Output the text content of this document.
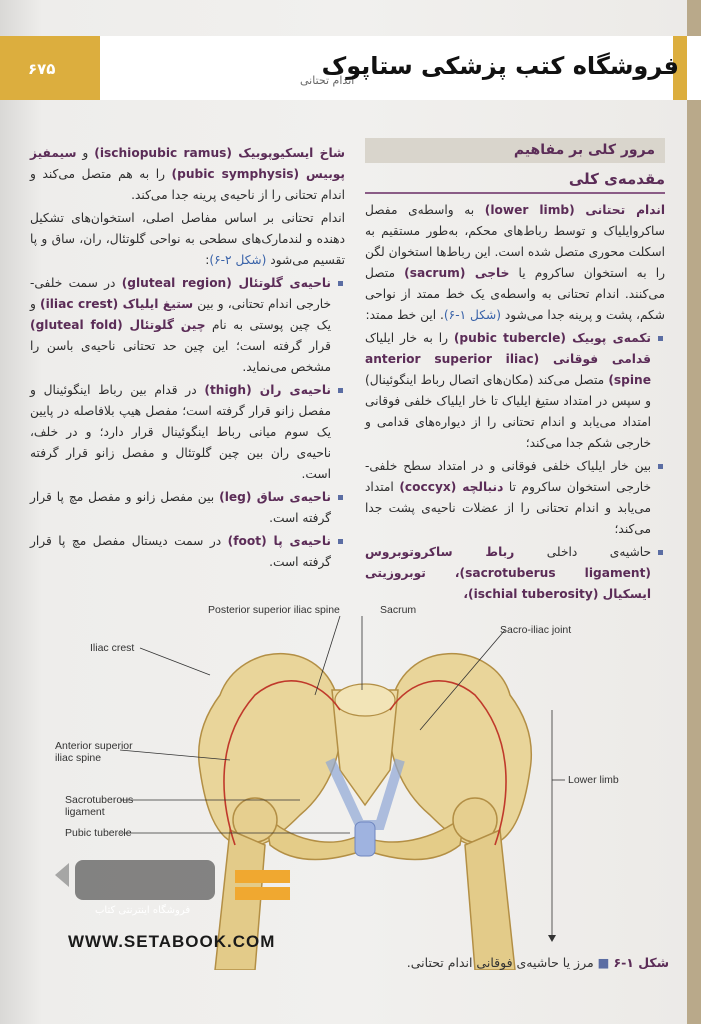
۶۷۵
اندام تحتانی
فروشگاه کتب پزشکی ستاپوک
مرور کلی بر مفاهیم
مقدمه‌ی کلی

اندام تحتانی (lower limb) به واسطه‌ی مفصل ساکروایلیاک و توسط رباط‌های محکم، به‌طور مستقیم به اسکلت محوری متصل شده است. این رباط‌ها استخوان لگن را به استخوان ساکروم یا خاجی (sacrum) متصل می‌کنند. اندام تحتانی به واسطه‌ی یک خط ممتد از نواحی شکم، پشت و پرینه جدا می‌شود (شکل ۱-۶). این خط ممتد:

تکمه‌ی پوبیک (pubic tubercle) را به خار ایلیاک قدامی فوقانی (anterior superior iliac spine) متصل می‌کند (مکان‌های اتصال رباط اینگوئینال) و سپس در امتداد ستیغ ایلیاک تا خار ایلیاک خلفی فوقانی امتداد می‌یابد و اندام تحتانی را از دیواره‌های قدامی و خارجی شکم جدا می‌کند؛
بین خار ایلیاک خلفی فوقانی و در امتداد سطح خلفی-خارجی استخوان ساکروم تا دنبالچه (coccyx) امتداد می‌یابد و اندام تحتانی را از عضلات ناحیه‌ی پشت جدا می‌کند؛
حاشیه‌ی داخلی رباط ساکروتوبروس (sacrotuberus ligament)، توبروزیتی ایسکیال (ischial tuberosity)،

شاخ ایسکیوپوبیک (ischiopubic ramus) و سیمفیز پوبیس (pubic symphysis) را به هم متصل می‌کند و اندام تحتانی را از ناحیه‌ی پرینه جدا می‌کند.

اندام تحتانی بر اساس مفاصل اصلی، استخوان‌های تشکیل دهنده و لندمارک‌های سطحی به نواحی گلوتئال، ران، ساق و پا تقسیم می‌شود (شکل ۲-۶):

ناحیه‌ی گلوتئال (gluteal region) در سمت خلفی-خارجی اندام تحتانی، و بین ستیغ ایلیاک (iliac crest) و یک چین پوستی به نام چین گلوتئال (gluteal fold) قرار گرفته است؛ این چین حد تحتانی ناحیه‌ی باسن را مشخص می‌نماید.
ناحیه‌ی ران (thigh) در قدام بین رباط اینگوئینال و مفصل زانو قرار گرفته است؛ مفصل هیپ بلافاصله در پایین یک سوم میانی رباط اینگوئینال قرار دارد؛ و در خلف، ناحیه‌ی ران بین چین گلوتئال و مفصل زانو قرار گرفته است.
ناحیه‌ی ساق (leg) بین مفصل زانو و مفصل مچ پا قرار گرفته است.
ناحیه‌ی پا (foot) در سمت دیستال مفصل مچ پا قرار گرفته است.
Posterior superior iliac spine	Sacrum
Sacro-iliac joint
Iliac crest
Anterior superior iliac spine
Lower limb
Sacrotuberous ligament
Pubic tubercle
فروشگاه اینترنتی کتاب
WWW.SETABOOK.COM
شکل ۱-۶ ■ مرز یا حاشیه‌ی فوقانی اندام تحتانی.
